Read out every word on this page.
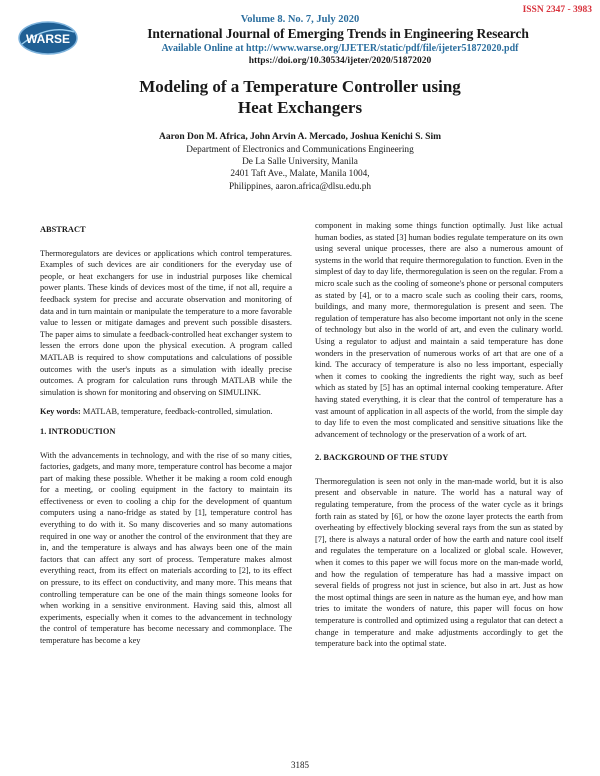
ISSN 2347 - 3983
WARSE
Volume 8. No. 7, July 2020
International Journal of Emerging Trends in Engineering Research
Available Online at http://www.warse.org/IJETER/static/pdf/file/ijeter51872020.pdf
https://doi.org/10.30534/ijeter/2020/51872020
Modeling of a Temperature Controller using
Heat Exchangers
Aaron Don M. Africa, John Arvin A. Mercado, Joshua Kenichi S. Sim
Department of Electronics and Communications Engineering
De La Salle University, Manila
2401 Taft Ave., Malate, Manila 1004,
Philippines, aaron.africa@dlsu.edu.ph

ABSTRACT

Thermoregulators are devices or applications which control temperatures. Examples of such devices are air conditioners for the everyday use of people, or heat exchangers for use in industrial purposes like chemical power plants. These kinds of devices most of the time, if not all, require a feedback system for precise and accurate observation and monitoring of data and in turn maintain or manipulate the temperature to a more favorable value to lessen or mitigate damages and prevent such possible disasters. The paper aims to simulate a feedback-controlled heat exchanger system to lessen the errors done upon the physical execution. A program called MATLAB is required to show computations and calculations of possible outcomes with the user's inputs as a simulation with ideally precise outcomes. A program for calculation runs through MATLAB while the simulation is shown for monitoring and observing on SIMULINK.

Key words: MATLAB, temperature, feedback-controlled, simulation.

1. INTRODUCTION

With the advancements in technology, and with the rise of so many cities, factories, gadgets, and many more, temperature control has become a major part of making these possible. Whether it be making a room cold enough for a meeting, or cooling equipment in the factory to maintain its effectiveness or even to cooling a chip for the development of quantum computers using a nano-fridge as stated by [1], temperature control has everything to do with it. So many discoveries and so many automations required in one way or another the control of the environment that they are in, and the temperature is always and has always been one of the main factors that can affect any sort of process. Temperature makes almost everything react, from its effect on materials according to [2], to its effect on pressure, to its effect on conductivity, and many more. This means that controlling temperature can be one of the main things someone looks for when working in a sensitive environment. Having said this, almost all experiments, especially when it comes to the advancement in technology the control of temperature has become necessary and commonplace. The temperature has become a key

component in making some things function optimally. Just like actual human bodies, as stated [3] human bodies regulate temperature on its own using several unique processes, there are also a numerous amount of systems in the world that require thermoregulation to function. Even in the simplest of day to day life, thermoregulation is seen on the regular. From a micro scale such as the cooling of someone's phone or personal computers as stated by [4], or to a macro scale such as cooling their cars, rooms, buildings, and many more, thermoregulation is present and seen. The regulation of temperature has also become important not only in the scene of technology but also in the world of art, and even the culinary world. Using a regulator to adjust and maintain a said temperature has done wonders in the preservation of numerous works of art that are one of a kind. The accuracy of temperature is also no less important, especially when it comes to cooking the ingredients the right way, such as beef which as stated by [5] has an optimal internal cooking temperature. After having stated everything, it is clear that the control of temperature has a vast amount of application in all aspects of the world, from the simple day to day life to even the most complicated and sensitive situations like the advancement of technology or the preservation of a work of art.

2. BACKGROUND OF THE STUDY

Thermoregulation is seen not only in the man-made world, but it is also present and observable in nature. The world has a natural way of regulating temperature, from the process of the water cycle as it brings forth rain as stated by [6], or how the ozone layer protects the earth from overheating by effectively blocking several rays from the sun as stated by [7], there is always a natural order of how the earth and nature cool itself and regulates the temperature on a localized or global scale. However, when it comes to this paper we will focus more on the man-made world, and how the regulation of temperature has had a massive impact on several fields of progress not just in science, but also in art. Just as how the most optimal things are seen in nature as the human eye, and how man tries to imitate the wonders of nature, this paper will focus on how temperature is controlled and optimized using a regulator that can detect a change in temperature and make adjustments accordingly to get the temperature back into the optimal state.

3185
